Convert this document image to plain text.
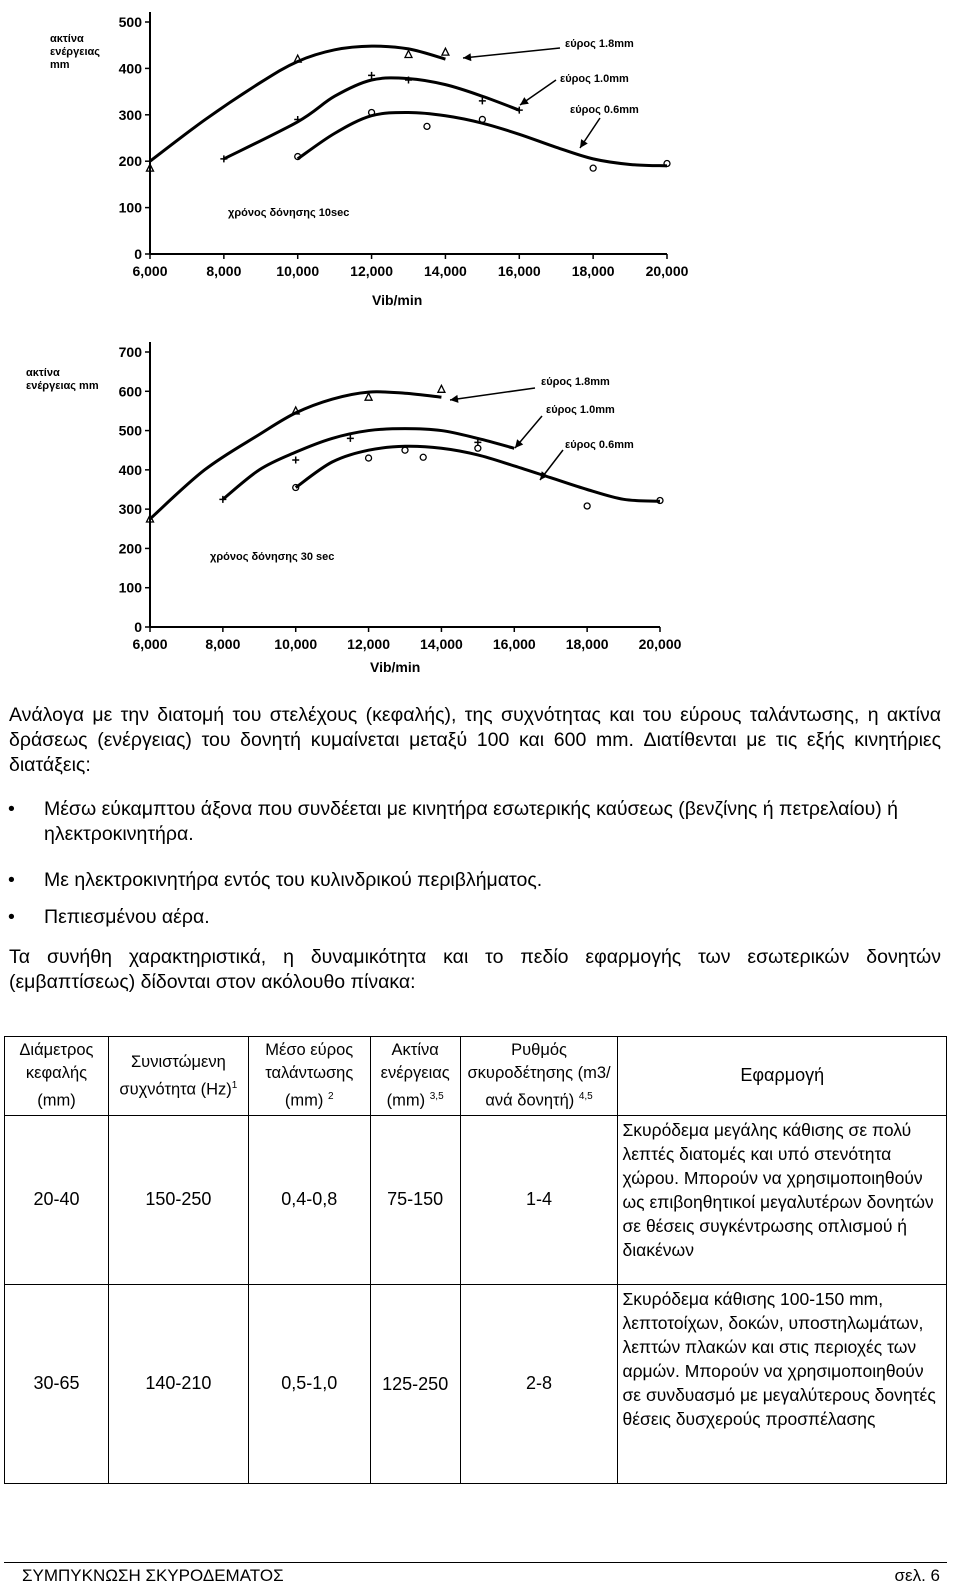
ακτίνα
ενέργειας
mm
χρόνος δόνησης 10sec
Vib/min
0
100
200
300
400
500
6,000	8,000 10,000 12,000 14,000 16,000 18,000 20,000
εύρος 1.8mm
εύρος 1.0mm
εύρος 0.6mm
ακτίνα
ενέργειας mm
χρόνος δόνησης 30 sec
Vib/min
0
100
200
300
400
500
600
700
6,000	8,000 10,000 12,000 14,000 16,000 18,000 20,000
εύρος 1.8mm
εύρος 1.0mm
εύρος 0.6mm
Ανάλογα με την διατομή του στελέχους (κεφαλής), της συχνότητας και του εύρους ταλάντωσης, η ακτίνα δράσεως (ενέργειας) του δονητή κυμαίνεται μεταξύ 100 και 600 mm. Διατίθενται με τις εξής κινητήριες διατάξεις:
• Μέσω εύκαμπτου άξονα που συνδέεται με κινητήρα εσωτερικής καύσεως (βενζίνης ή πετρελαίου) ή ηλεκτροκινητήρα.
• Με ηλεκτροκινητήρα εντός του κυλινδρικού περιβλήματος.
• Πεπιεσμένου αέρα.
Τα συνήθη χαρακτηριστικά, η δυναμικότητα και το πεδίο εφαρμογής των εσωτερικών δονητών (εμβαπτίσεως) δίδονται στον ακόλουθο πίνακα:
Διάμετρος κεφαλής (mm)	Συνιστώμενη συχνότητα $(Hz)^1$	Μέσο εύρος ταλάντωσης (mm) $^2$	Ακτίνα ενέργειας (mm) $^{3,5}$	Ρυθμός σκυροδέτησης (m3/ανά δονητή) $^{4,5}$	Εφαρμογή
20-40	150-250	0,4-0,8	75-150	1-4	Σκυρόδεμα μεγάλης κάθισης σε πολύ λεπτές διατομές και υπό στενότητα χώρου. Μπορούν να χρησιμοποιηθούν ως επιβοηθητικοί μεγαλυτέρων δονητών σε θέσεις συγκέντρωσης οπλισμού ή διακένων
30-65	140-210	0,5-1,0	125-250	2-8	Σκυρόδεμα κάθισης 100-150 mm, λεπτοτοίχων, δοκών, υποστηλωμάτων, λεπτών πλακών και στις περιοχές των αρμών. Μπορούν να χρησιμοποιηθούν σε συνδυασμό με μεγαλύτερους δονητές θέσεις δυσχερούς προσπέλασης
ΣΥΜΠΥΚΝΩΣΗ ΣΚΥΡΟΔΕΜΑΤΟΣ	σελ. 6
